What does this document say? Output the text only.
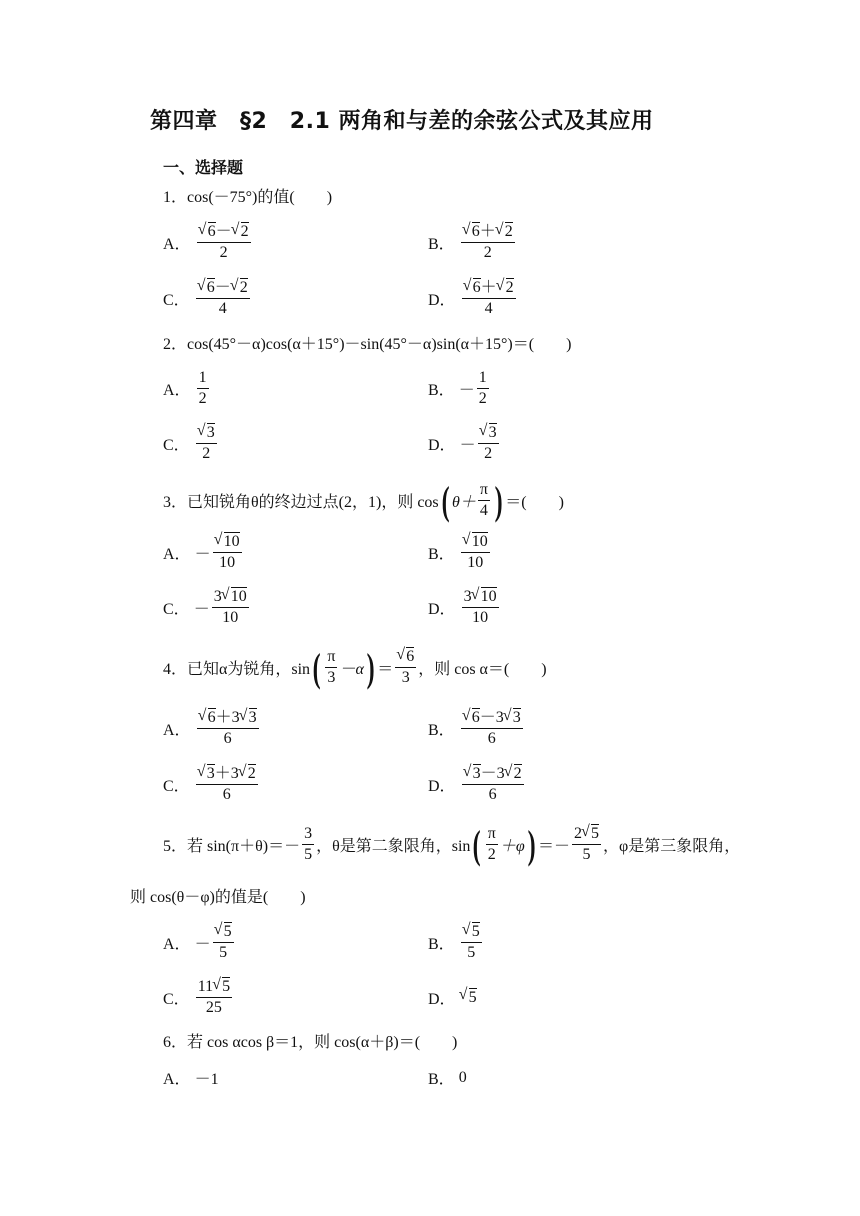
第四章　§2　2.1 两角和与差的余弦公式及其应用
一、选择题
1．cos(－75°)的值(　　)
A． √ $\frac{6- √ 2}{2}$	B． √ $\frac{6+ √ 2}{2}$
C． √ $\frac{6- √ 2}{4}$	D． √ $\frac{6+ √ 2}{4}$
2．cos(45°－α)cos(α＋15°)－sin(45°－α)sin(α＋15°)＝(　　)
A． $\frac{1}{2}$	B． － $\frac{1}{2}$
C． √ $\frac{3}{2}$	D． － √ $\frac{3}{2}$
3．已知锐角θ的终边过点(2，1)，则 cos ( $\theta+ \frac{\pi}{4}$ ) ＝(　　)
A． － √ $\frac{10}{10}$	B． √ $\frac{10}{10}$
C． － $\frac{3 √ 10}{10}$	D． $\frac{3 √ 10}{10}$
4．已知α为锐角，sin ( $\frac{\pi}{3} -\alpha$ ) ＝ √ $\frac{6}{3}$ ，则 cos α＝(　　)
A． √ $\frac{6+3 √ 3}{6}$	B． √ $\frac{6-3 √ 3}{6}$
C． √ $\frac{3+3 √ 2}{6}$	D． √ $\frac{3-3 √ 2}{6}$
5．若 $\sin(\pi+\theta)=- \frac{3}{5}$ ，θ是第二象限角，sin ( $\frac{\pi}{2} +\varphi$ ) ＝－ $\frac{2 √ 5}{5}$ ，φ是第三象限角，
则 cos(θ－φ)的值是(　　)
A． － √ $\frac{5}{5}$	B． √ $\frac{5}{5}$
C． $\frac{11 √ 5}{25}$	D． √ 5
6．若 cos αcos β＝1，则 cos(α＋β)＝(　　)
A． －1	B． 0
